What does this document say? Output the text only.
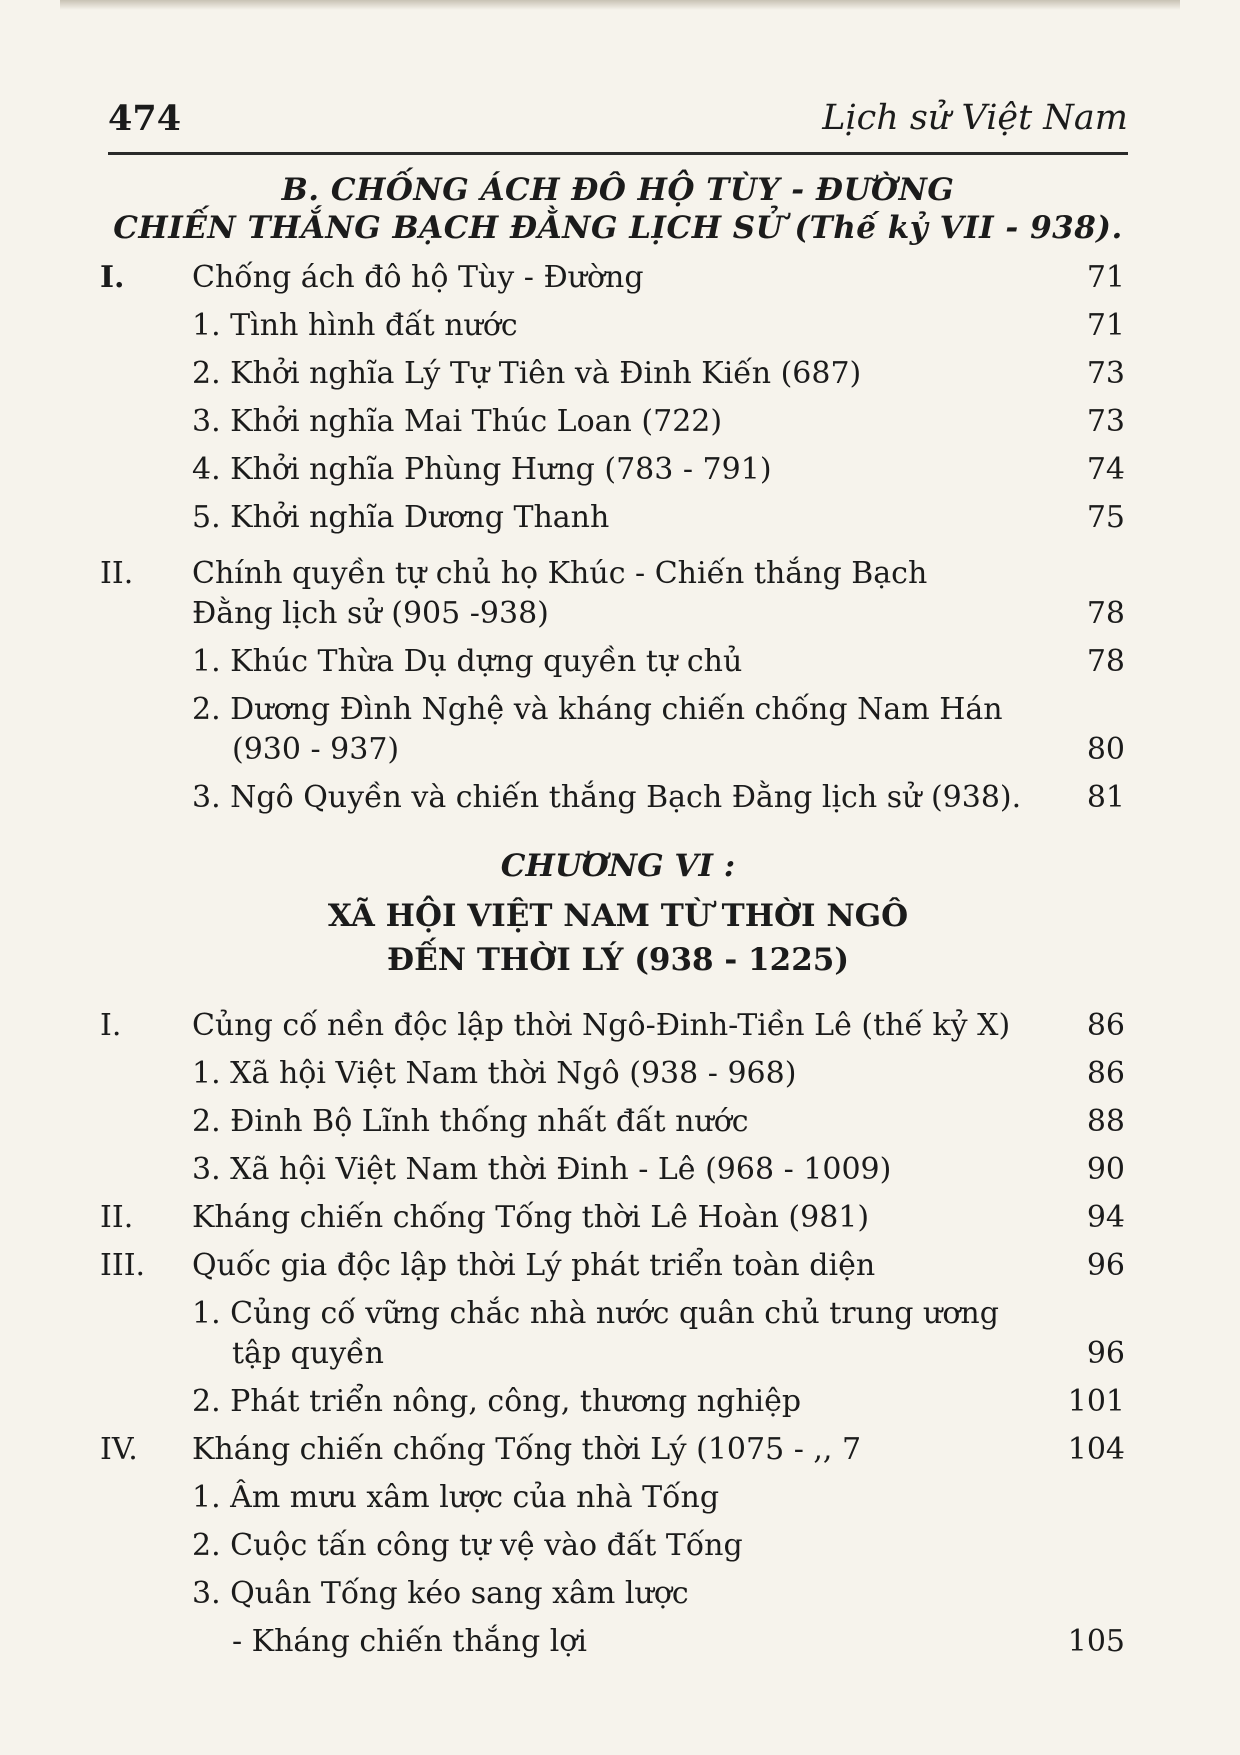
474	Lịch sử Việt Nam
B. CHỐNG ÁCH ĐÔ HỘ TÙY - ĐƯỜNG
CHIẾN THẮNG BẠCH ĐẰNG LỊCH SỬ (Thế kỷ VII - 938).
I. Chống ách đô hộ Tùy - Đường	71
1. Tình hình đất nước	71
2. Khởi nghĩa Lý Tự Tiên và Đinh Kiến (687)	73
3. Khởi nghĩa Mai Thúc Loan (722)	73
4. Khởi nghĩa Phùng Hưng (783 - 791)	74
5. Khởi nghĩa Dương Thanh	75
II. Chính quyền tự chủ họ Khúc - Chiến thắng Bạch
Đằng lịch sử (905 -938)	78
1. Khúc Thừa Dụ dựng quyền tự chủ	78
2. Dương Đình Nghệ và kháng chiến chống Nam Hán
(930 - 937)	80
3. Ngô Quyền và chiến thắng Bạch Đằng lịch sử (938).	81
CHƯƠNG VI :
XÃ HỘI VIỆT NAM TỪ THỜI NGÔ
ĐẾN THỜI LÝ (938 - 1225)
I. Củng cố nền độc lập thời Ngô-Đinh-Tiền Lê (thế kỷ X)	86
1. Xã hội Việt Nam thời Ngô (938 - 968)	86
2. Đinh Bộ Lĩnh thống nhất đất nước	88
3. Xã hội Việt Nam thời Đinh - Lê (968 - 1009)	90
II. Kháng chiến chống Tống thời Lê Hoàn (981)	94
III. Quốc gia độc lập thời Lý phát triển toàn diện	96
1. Củng cố vững chắc nhà nước quân chủ trung ương
tập quyền	96
2. Phát triển nông, công, thương nghiệp	101
IV. Kháng chiến chống Tống thời Lý (1075 - ,, 7	104
1. Âm mưu xâm lược của nhà Tống
2. Cuộc tấn công tự vệ vào đất Tống
3. Quân Tống kéo sang xâm lược
- Kháng chiến thắng lợi	105
